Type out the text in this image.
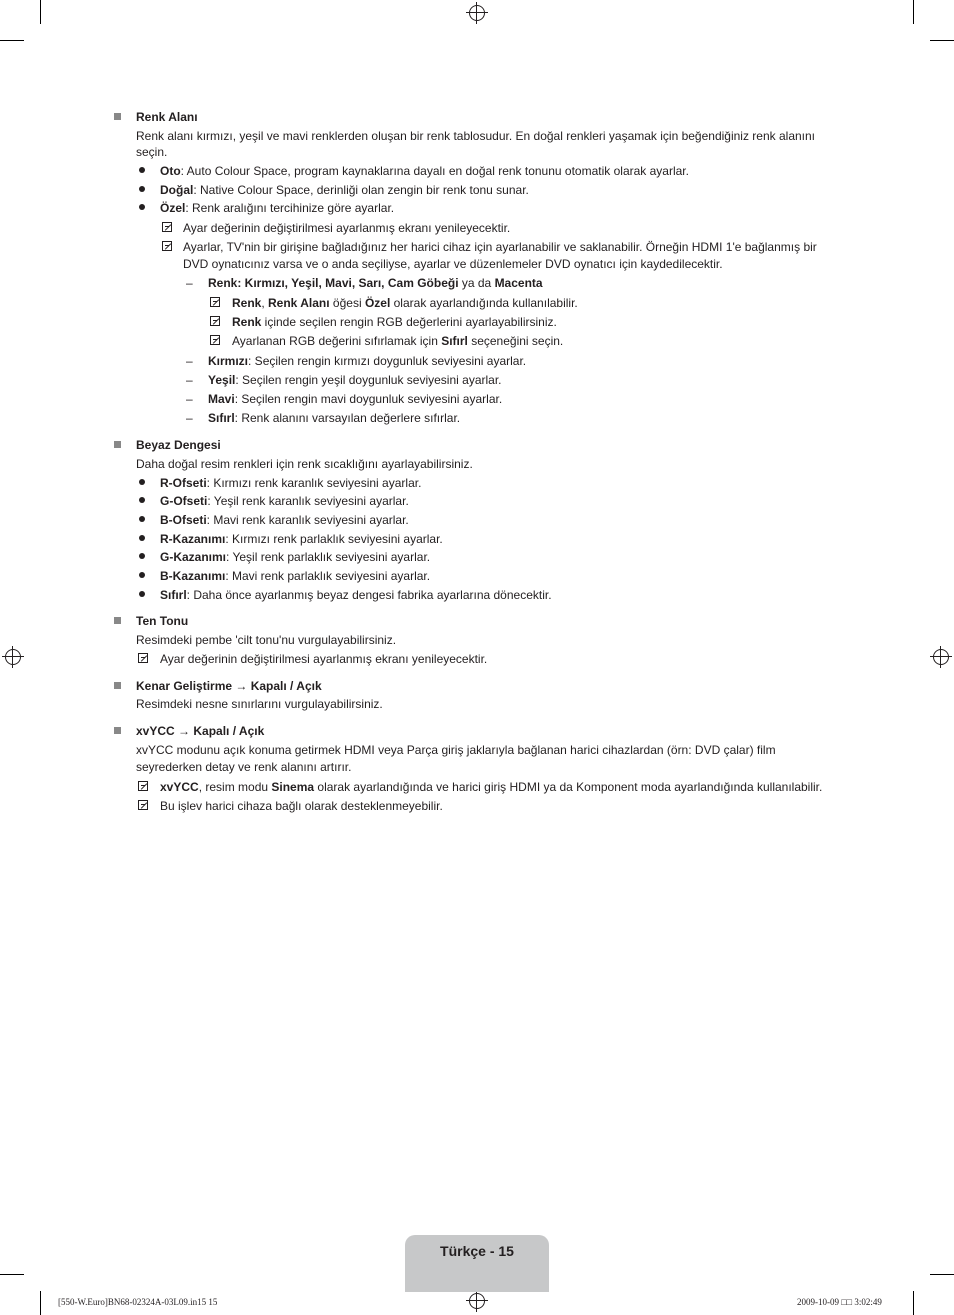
Renk Alanı
Renk alanı kırmızı, yeşil ve mavi renklerden oluşan bir renk tablosudur. En doğal renkleri yaşamak için beğendiğiniz renk alanını
seçin.
Oto: Auto Colour Space, program kaynaklarına dayalı en doğal renk tonunu otomatik olarak ayarlar.
Doğal: Native Colour Space, derinliği olan zengin bir renk tonu sunar.
Özel: Renk aralığını tercihinize göre ayarlar.
Ayar değerinin değiştirilmesi ayarlanmış ekranı yenileyecektir.
Ayarlar, TV'nin bir girişine bağladığınız her harici cihaz için ayarlanabilir ve saklanabilir. Örneğin HDMI 1'e bağlanmış bir
DVD oynatıcınız varsa ve o anda seçiliyse, ayarlar ve düzenlemeler DVD oynatıcı için kaydedilecektir.
– Renk: Kırmızı, Yeşil, Mavi, Sarı, Cam Göbeği ya da Macenta
Renk, Renk Alanı öğesi Özel olarak ayarlandığında kullanılabilir.
Renk içinde seçilen rengin RGB değerlerini ayarlayabilirsiniz.
Ayarlanan RGB değerini sıfırlamak için Sıfırl seçeneğini seçin.
– Kırmızı: Seçilen rengin kırmızı doygunluk seviyesini ayarlar.
– Yeşil: Seçilen rengin yeşil doygunluk seviyesini ayarlar.
– Mavi: Seçilen rengin mavi doygunluk seviyesini ayarlar.
– Sıfırl: Renk alanını varsayılan değerlere sıfırlar.
Beyaz Dengesi
Daha doğal resim renkleri için renk sıcaklığını ayarlayabilirsiniz.
R-Ofseti: Kırmızı renk karanlık seviyesini ayarlar.
G-Ofseti: Yeşil renk karanlık seviyesini ayarlar.
B-Ofseti: Mavi renk karanlık seviyesini ayarlar.
R-Kazanımı: Kırmızı renk parlaklık seviyesini ayarlar.
G-Kazanımı: Yeşil renk parlaklık seviyesini ayarlar.
B-Kazanımı: Mavi renk parlaklık seviyesini ayarlar.
Sıfırl: Daha önce ayarlanmış beyaz dengesi fabrika ayarlarına dönecektir.
Ten Tonu
Resimdeki pembe 'cilt tonu'nu vurgulayabilirsiniz.
Ayar değerinin değiştirilmesi ayarlanmış ekranı yenileyecektir.
Kenar Geliştirme → Kapalı / Açık
Resimdeki nesne sınırlarını vurgulayabilirsiniz.
xvYCC → Kapalı / Açık
xvYCC modunu açık konuma getirmek HDMI veya Parça giriş jaklarıyla bağlanan harici cihazlardan (örn: DVD çalar) film
seyrederken detay ve renk alanını artırır.
xvYCC, resim modu Sinema olarak ayarlandığında ve harici giriş HDMI ya da Komponent moda ayarlandığında kullanılabilir.
Bu işlev harici cihaza bağlı olarak desteklenmeyebilir.
Türkçe - 15
[550-W.Euro]BN68-02324A-03L09.in15 15	2009-10-09 □□ 3:02:49
